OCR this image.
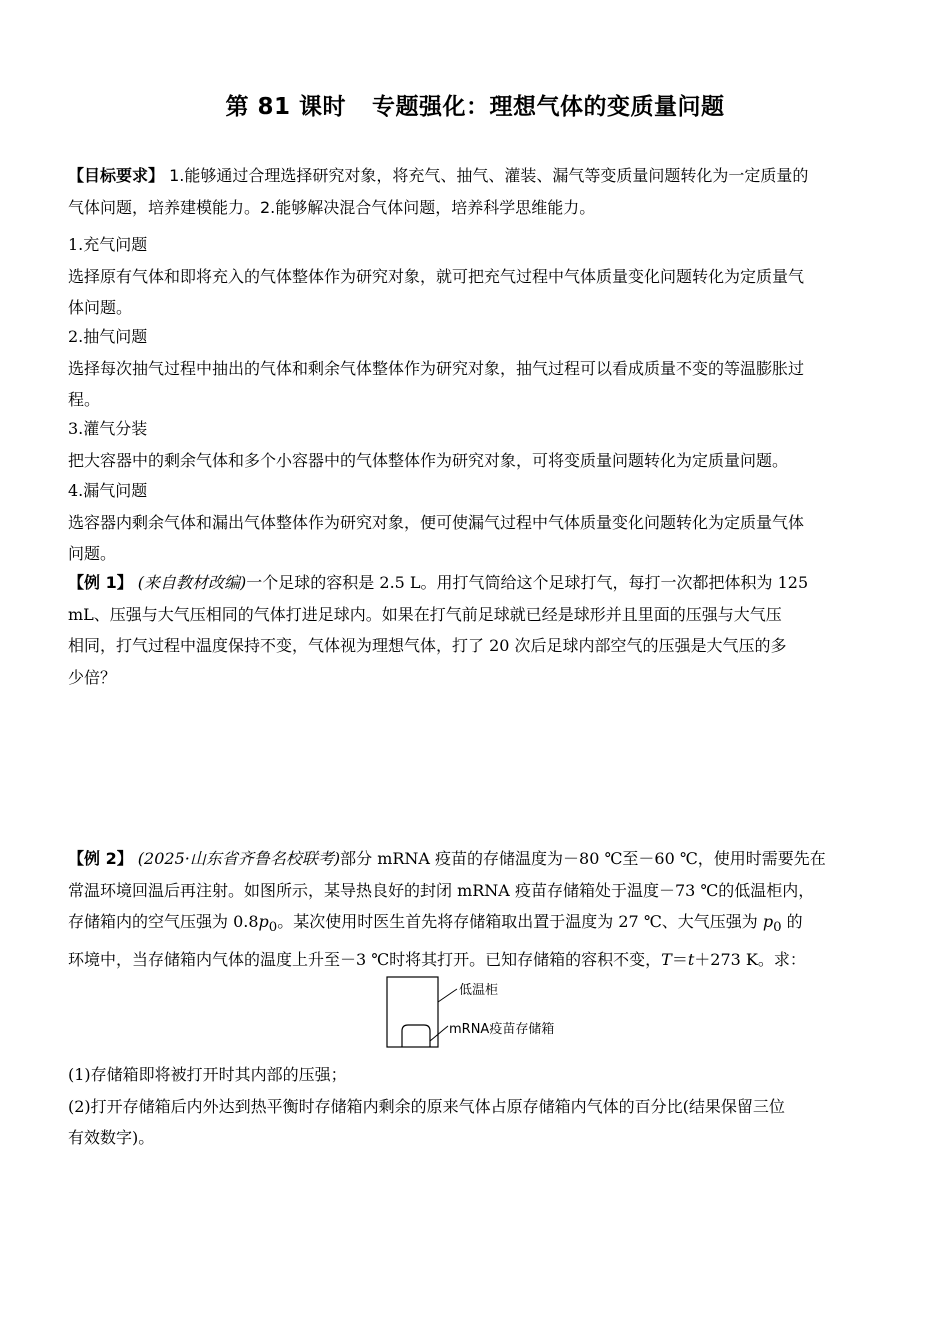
第 81 课时 专题强化：理想气体的变质量问题
【目标要求】 1.能够通过合理选择研究对象，将充气、抽气、灌装、漏气等变质量问题转化为一定质量的
气体问题，培养建模能力。2.能够解决混合气体问题，培养科学思维能力。
1.充气问题
选择原有气体和即将充入的气体整体作为研究对象，就可把充气过程中气体质量变化问题转化为定质量气
体问题。
2.抽气问题
选择每次抽气过程中抽出的气体和剩余气体整体作为研究对象，抽气过程可以看成质量不变的等温膨胀过
程。
3.灌气分装
把大容器中的剩余气体和多个小容器中的气体整体作为研究对象，可将变质量问题转化为定质量问题。
4.漏气问题
选容器内剩余气体和漏出气体整体作为研究对象，便可使漏气过程中气体质量变化问题转化为定质量气体
问题。
【例 1】 (来自教材改编)一个足球的容积是 2.5 L。用打气筒给这个足球打气，每打一次都把体积为 125
mL、压强与大气压相同的气体打进足球内。如果在打气前足球就已经是球形并且里面的压强与大气压
相同，打气过程中温度保持不变，气体视为理想气体，打了 20 次后足球内部空气的压强是大气压的多
少倍？
【例 2】 (2025·山东省齐鲁名校联考)部分 mRNA 疫苗的存储温度为－80 ℃至－60 ℃，使用时需要先在
常温环境回温后再注射。如图所示，某导热良好的封闭 mRNA 疫苗存储箱处于温度－73 ℃的低温柜内，
存储箱内的空气压强为 $0.8p_0$。某次使用时医生首先将存储箱取出置于温度为 27 ℃、大气压强为 $p_0$ 的
环境中，当存储箱内气体的温度上升至－3 ℃时将其打开。已知存储箱的容积不变，T＝t＋273 K。求：
低温柜
mRNA疫苗存储箱
(1)存储箱即将被打开时其内部的压强；
(2)打开存储箱后内外达到热平衡时存储箱内剩余的原来气体占原存储箱内气体的百分比(结果保留三位
有效数字)。
